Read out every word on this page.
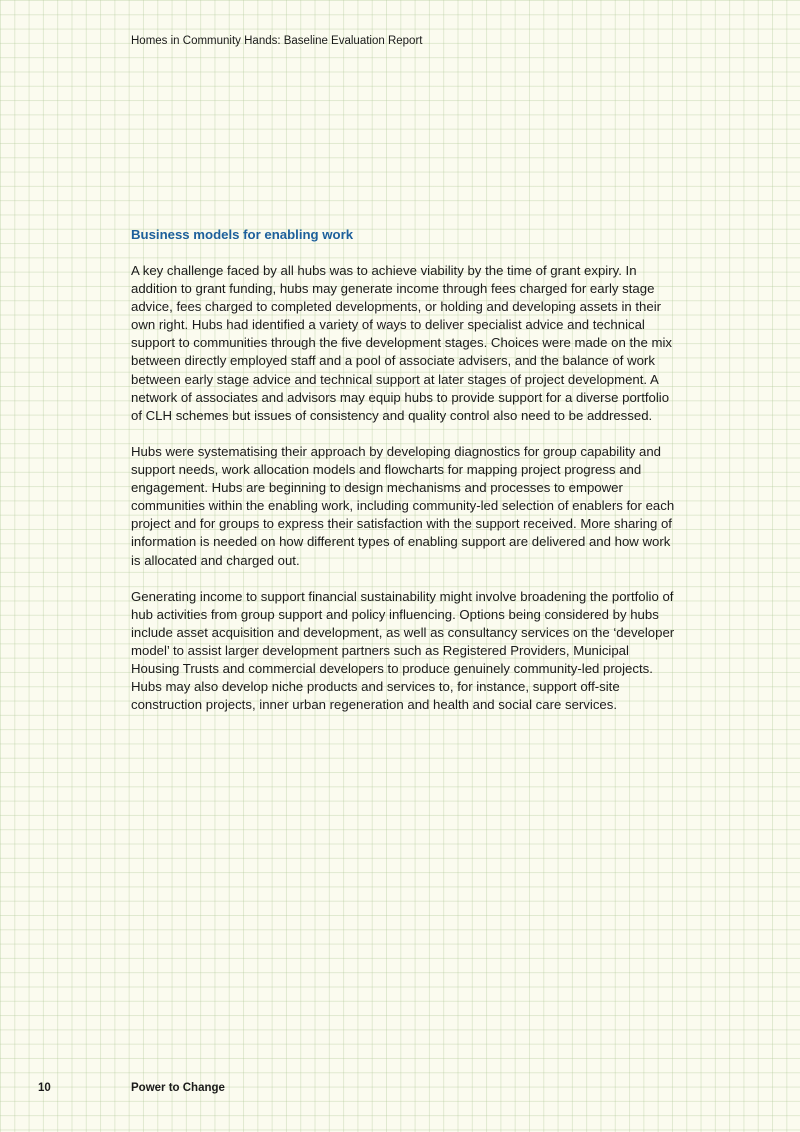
Homes in Community Hands: Baseline Evaluation Report

Business models for enabling work

A key challenge faced by all hubs was to achieve viability by the time of grant expiry. In addition to grant funding, hubs may generate income through fees charged for early stage advice, fees charged to completed developments, or holding and developing assets in their own right. Hubs had identified a variety of ways to deliver specialist advice and technical support to communities through the five development stages. Choices were made on the mix between directly employed staff and a pool of associate advisers, and the balance of work between early stage advice and technical support at later stages of project development. A network of associates and advisors may equip hubs to provide support for a diverse portfolio of CLH schemes but issues of consistency and quality control also need to be addressed.

Hubs were systematising their approach by developing diagnostics for group capability and support needs, work allocation models and flowcharts for mapping project progress and engagement. Hubs are beginning to design mechanisms and processes to empower communities within the enabling work, including community-led selection of enablers for each project and for groups to express their satisfaction with the support received. More sharing of information is needed on how different types of enabling support are delivered and how work is allocated and charged out.

Generating income to support financial sustainability might involve broadening the portfolio of hub activities from group support and policy influencing. Options being considered by hubs include asset acquisition and development, as well as consultancy services on the ‘developer model’ to assist larger development partners such as Registered Providers, Municipal Housing Trusts and commercial developers to produce genuinely community-led projects. Hubs may also develop niche products and services to, for instance, support off-site construction projects, inner urban regeneration and health and social care services.

10	Power to Change
